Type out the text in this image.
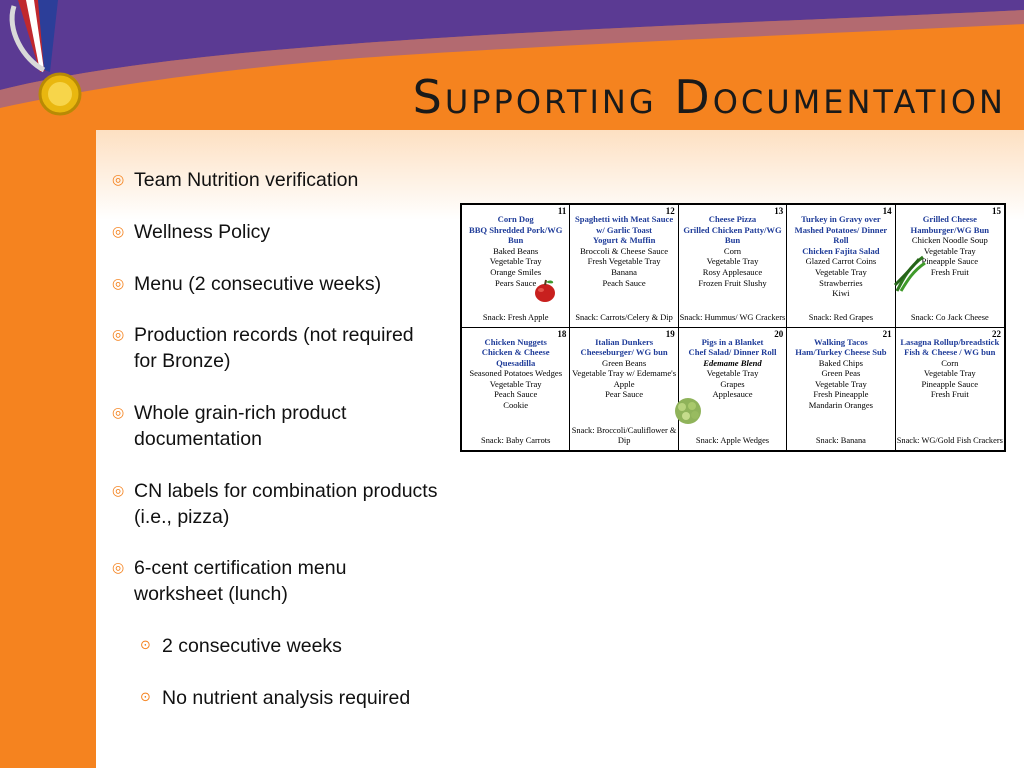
Supporting Documentation
◎ Team Nutrition verification
◎ Wellness Policy
◎ Menu (2 consecutive weeks)
◎ Production records (not required
for Bronze)
◎ Whole grain-rich product
documentation
◎ CN labels for combination products
(i.e., pizza)
◎ 6-cent certification menu
worksheet (lunch)
⊙ 2 consecutive weeks
⊙ No nutrient analysis required
11
Corn Dog
BBQ Shredded Pork/WG Bun
Baked Beans
Vegetable Tray
Orange Smiles
Pears Sauce
Snack: Fresh Apple
12
Spaghetti with Meat Sauce
w/ Garlic Toast
Yogurt & Muffin
Broccoli & Cheese Sauce
Fresh Vegetable Tray
Banana
Peach Sauce
Snack: Carrots/Celery & Dip
13
Cheese Pizza
Grilled Chicken Patty/WG Bun
Corn
Vegetable Tray
Rosy Applesauce
Frozen Fruit Slushy
Snack: Hummus/ WG Crackers
14
Turkey in Gravy over
Mashed Potatoes/ Dinner Roll
Chicken Fajita Salad
Glazed Carrot Coins
Vegetable Tray
Strawberries
Kiwi
Snack: Red Grapes
15
Grilled Cheese
Hamburger/WG Bun
Chicken Noodle Soup
Vegetable Tray
Pineapple Sauce
Fresh Fruit
Snack: Co Jack Cheese
18
Chicken Nuggets
Chicken & Cheese Quesadilla
Seasoned Potatoes Wedges
Vegetable Tray
Peach Sauce
Cookie
Snack: Baby Carrots
19
Italian Dunkers
Cheeseburger/ WG bun
Green Beans
Vegetable Tray w/ Edemame's
Apple
Pear Sauce
Snack: Broccoli/Cauliflower & Dip
20
Pigs in a Blanket
Chef Salad/ Dinner Roll
Edemame Blend
Vegetable Tray
Grapes
Applesauce
Snack: Apple Wedges
21
Walking Tacos
Ham/Turkey Cheese Sub
Baked Chips
Green Peas
Vegetable Tray
Fresh Pineapple
Mandarin Oranges
Snack: Banana
22
Lasagna Rollup/breadstick
Fish & Cheese / WG bun
Corn
Vegetable Tray
Pineapple Sauce
Fresh Fruit
Snack: WG/Gold Fish Crackers
